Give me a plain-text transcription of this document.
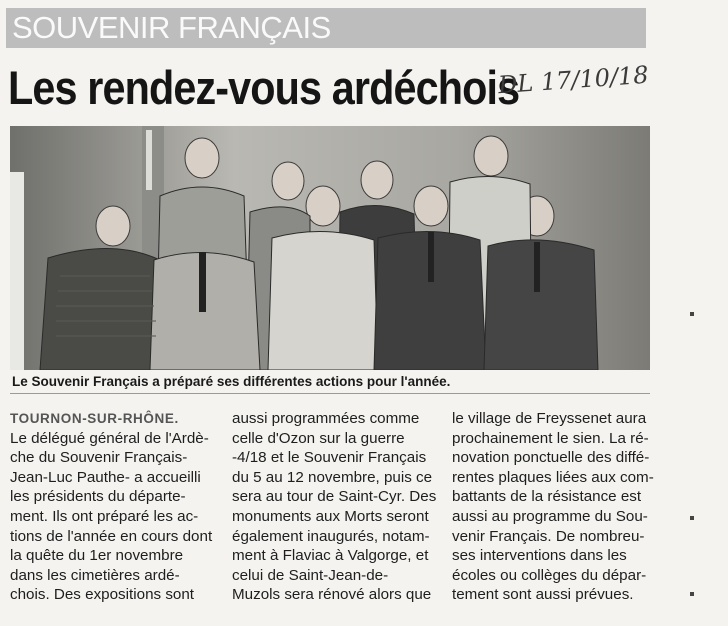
SOUVENIR FRANÇAIS
Les rendez-vous ardéchois
DL 17/10/18
Le Souvenir Français a préparé ses différentes actions pour l'année.
TOURNON-SUR-RHÔNE.
Le délégué général de l'Ardè-
che du Souvenir Français-
Jean-Luc Pauthe- a accueilli
les présidents du départe-
ment. Ils ont préparé les ac-
tions de l'année en cours dont
la quête du 1er novembre
dans les cimetières ardé-
chois. Des expositions sont
aussi programmées comme
celle d'Ozon sur la guerre
-4/18 et le Souvenir Français
du 5 au 12 novembre, puis ce
sera au tour de Saint-Cyr. Des
monuments aux Morts seront
également inaugurés, notam-
ment à Flaviac à Valgorge, et
celui de Saint-Jean-de-
Muzols sera rénové alors que
le village de Freyssenet aura
prochainement le sien. La ré-
novation ponctuelle des diffé-
rentes plaques liées aux com-
battants de la résistance est
aussi au programme du Sou-
venir Français. De nombreu-
ses interventions dans les
écoles ou collèges du dépar-
tement sont aussi prévues.
